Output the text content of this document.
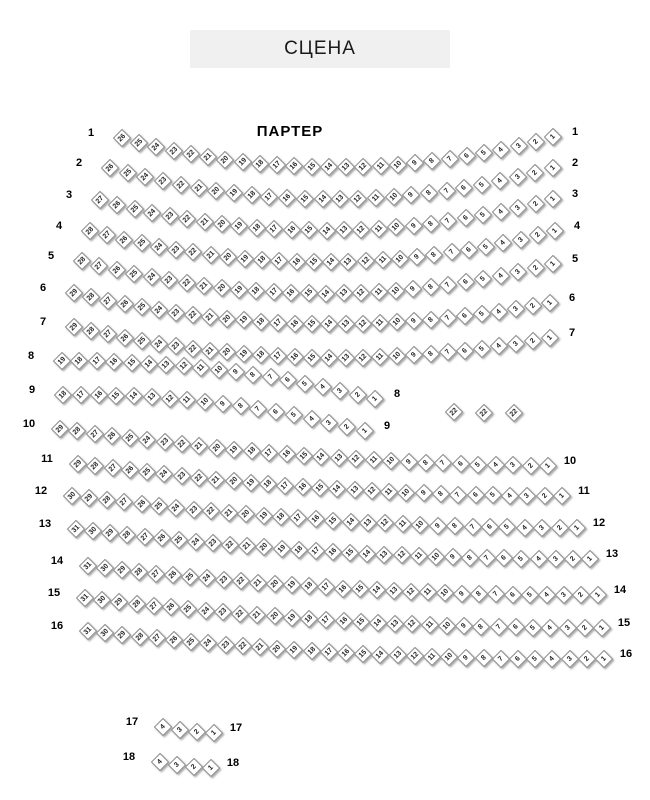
СЦЕНА
ПАРТЕР
26 25 24 23 22 21 20 19 18 17 16 15 14 13 12 11 10	9	8	7	6	5	4
3
2
1
1	1
26	25	24	23	22	21	20	19	18	17	16	15	14	13	12	11	10	9	8	7	6	5	4
3
2
1
2	2
27 26 25 24 23 22 21 20 19 18 17 16 15 14 13 12	11	10	9	8	7	6	5	4
3
2
1
3	3
28 27 26 25 24 23 22 21 20 19 18 17 16 15 14 13 12 11 10	9	8	7	6	5	4	3
2
1
4	4
28 27 26 25 24 23 22 21 20 19 18 17 16 15 14 13 12	11	10	9	8	7	6	5	4	3
2
1
5	5
29 28 27 26 25 24 23 22 21 20 19 18 17 16 15 14 13 12 11 10	9	8	7	6	5	4	3	2	1
6
6
29 28 27 26 25 24 23 22 21 20 19 18 17 16 15 14 13 12 11 10	9	8	7	6	5	4	3	2	1
7
7
19 18 17 16 15 14 13 12	11	10	9	8	7	6	5	4	3
2
1
8
8
18	17	16	15	14	13	12	11	10	9	8	7	6	5	4	3
2
1
9
9
29 28 27 26 25 24 23 22 21 20 19 18 17 16 15 14 13 12	11	10	9	8	7	6	5	4	3	2	1
10
10
29 28 27 26 25 24 23 22 21 20 19 18 17 16 15 14 13 12 11 10	9	8	7	6	5	4	3	2	1
11
11
30 29 28 27 26 25 24 23 22 21 20 19 18 17 16 15 14 13 12	11	10	9	8	7	6	5	4	3	2	1
12
12
31 30 29 28 27 26 25 24 23 22 21 20 19 18 17 16 15 14 13 12 11 10	9	8	7	6	5	4	3	2	1
13
13
31 30 29 28 27 26 25 24 23 22 21 20 19 18 17 16 15 14 13 12 11 10	9	8	7	6	5	4	3	2	1
14
14
31 30 29 28 27 26 25 24 23 22 21 20 19 18 17 16 15 14 13 12 11 10	9	8	7	6	5	4	3	2	1
15
15
31 30 29 28 27 26 25 24 23 22 21 20 19 18 17 16 15 14 13 12 11 10	9	8	7	6	5	4	3	2	1
16
16
4	3	2	1
17	17
4	3	2	1
18	18
22	22	22
